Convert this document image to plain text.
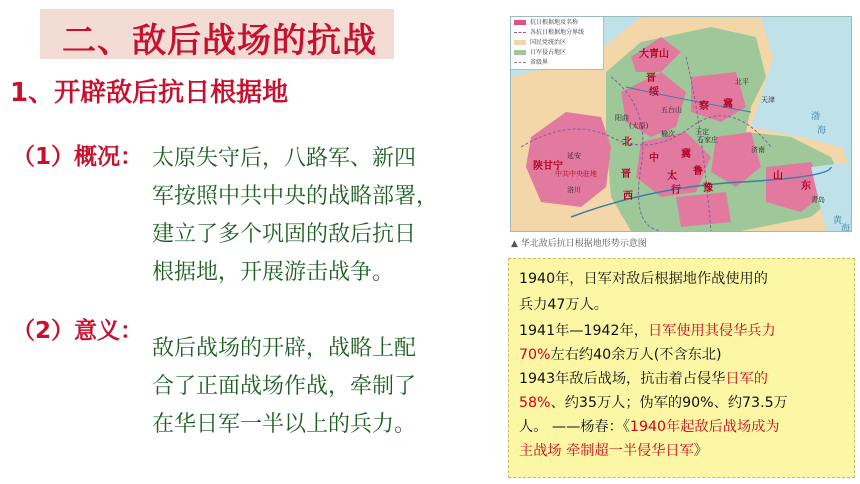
二、敌后战场的抗战
1、开辟敌后抗日根据地
（1）概况： 太原失守后，八路军、新四
军按照中共中央的战略部署，
建立了多个巩固的敌后抗日
根据地，开展游击战争。
（2）意义：
敌后战场的开辟，战略上配
合了正面战场作战，牵制了
在华日军一半以上的兵力。
抗日根据地及名称
各抗日根据地分界线
国民党统治区
日军侵占地区
省级界
大青山
晋
绥
察 冀
晋
北
中
西
冀
鲁
豫
山
东
陕甘宁
延安
中共中央驻地
洛川
阳曲
(太原)
五台山
北平
天津
济南
青岛
王定
石家庄
榆次
太
行
渤
海
黄
海
▲ 华北敌后抗日根据地形势示意图
1940年，日军对敌后根据地作战使用的
兵力47万人。
1941年—1942年，日军使用其侵华兵力
70%左右约40余万人(不含东北)
1943年敌后战场，抗击着占侵华日军的
58%、约35万人；伪军的90%、约73.5万
人。 ——杨春：《1940年起敌后战场成为
主战场 牵制超一半侵华日军》
